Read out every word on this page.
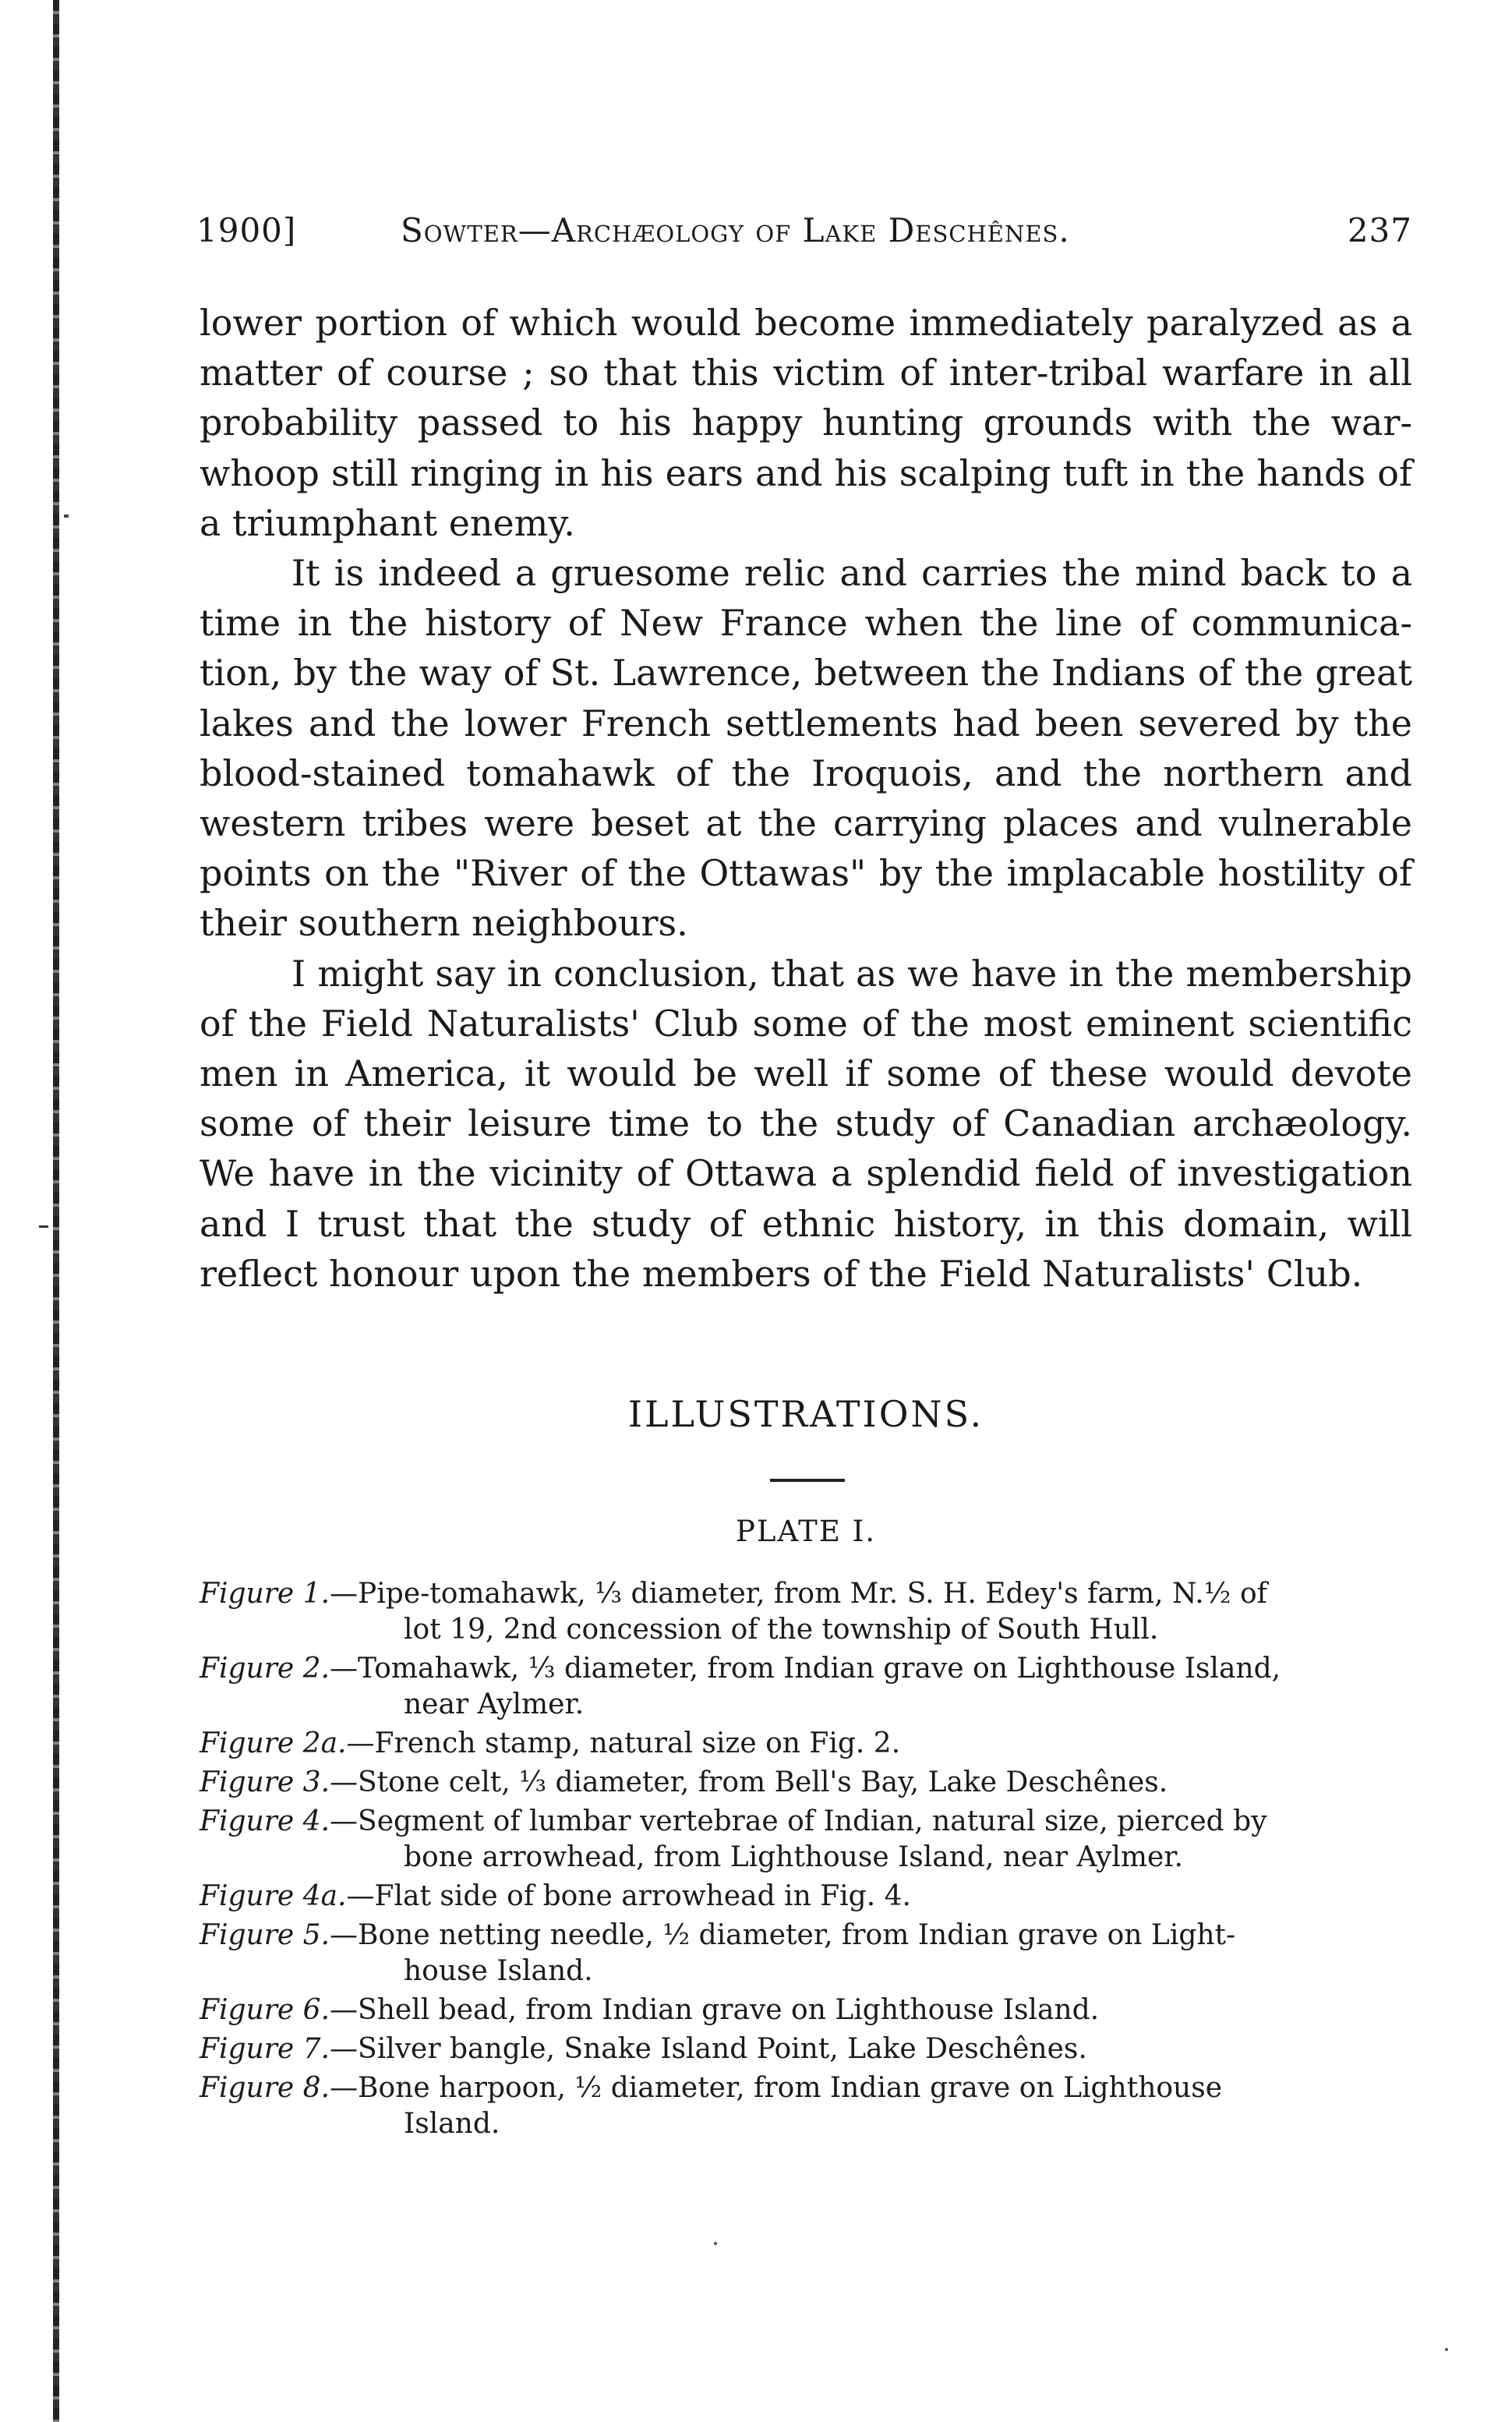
1900]	Sowter—Archæology of Lake Deschênes.	237

lower portion of which would become immediately paralyzed as a matter of course ; so that this victim of inter-tribal warfare in all probability passed to his happy hunting grounds with the war-whoop still ringing in his ears and his scalping tuft in the hands of a triumphant enemy.

It is indeed a gruesome relic and carries the mind back to a time in the history of New France when the line of communica-tion, by the way of St. Lawrence, between the Indians of the great lakes and the lower French settlements had been severed by the blood-stained tomahawk of the Iroquois, and the northern and western tribes were beset at the carrying places and vulnerable points on the "River of the Ottawas" by the implacable hostility of their southern neighbours.

I might say in conclusion, that as we have in the membership of the Field Naturalists' Club some of the most eminent scientific men in America, it would be well if some of these would devote some of their leisure time to the study of Canadian archæology. We have in the vicinity of Ottawa a splendid field of investigation and I trust that the study of ethnic history, in this domain, will reflect honour upon the members of the Field Naturalists' Club.

ILLUSTRATIONS.
PLATE I.
Figure 1.—Pipe-tomahawk, ⅓ diameter, from Mr. S. H. Edey's farm, N.½ of
lot 19, 2nd concession of the township of South Hull.
Figure 2.—Tomahawk, ⅓ diameter, from Indian grave on Lighthouse Island,
near Aylmer.
Figure 2a.—French stamp, natural size on Fig. 2.
Figure 3.—Stone celt, ⅓ diameter, from Bell's Bay, Lake Deschênes.
Figure 4.—Segment of lumbar vertebrae of Indian, natural size, pierced by
bone arrowhead, from Lighthouse Island, near Aylmer.
Figure 4a.—Flat side of bone arrowhead in Fig. 4.
Figure 5.—Bone netting needle, ½ diameter, from Indian grave on Light-
house Island.
Figure 6.—Shell bead, from Indian grave on Lighthouse Island.
Figure 7.—Silver bangle, Snake Island Point, Lake Deschênes.
Figure 8.—Bone harpoon, ½ diameter, from Indian grave on Lighthouse
Island.
